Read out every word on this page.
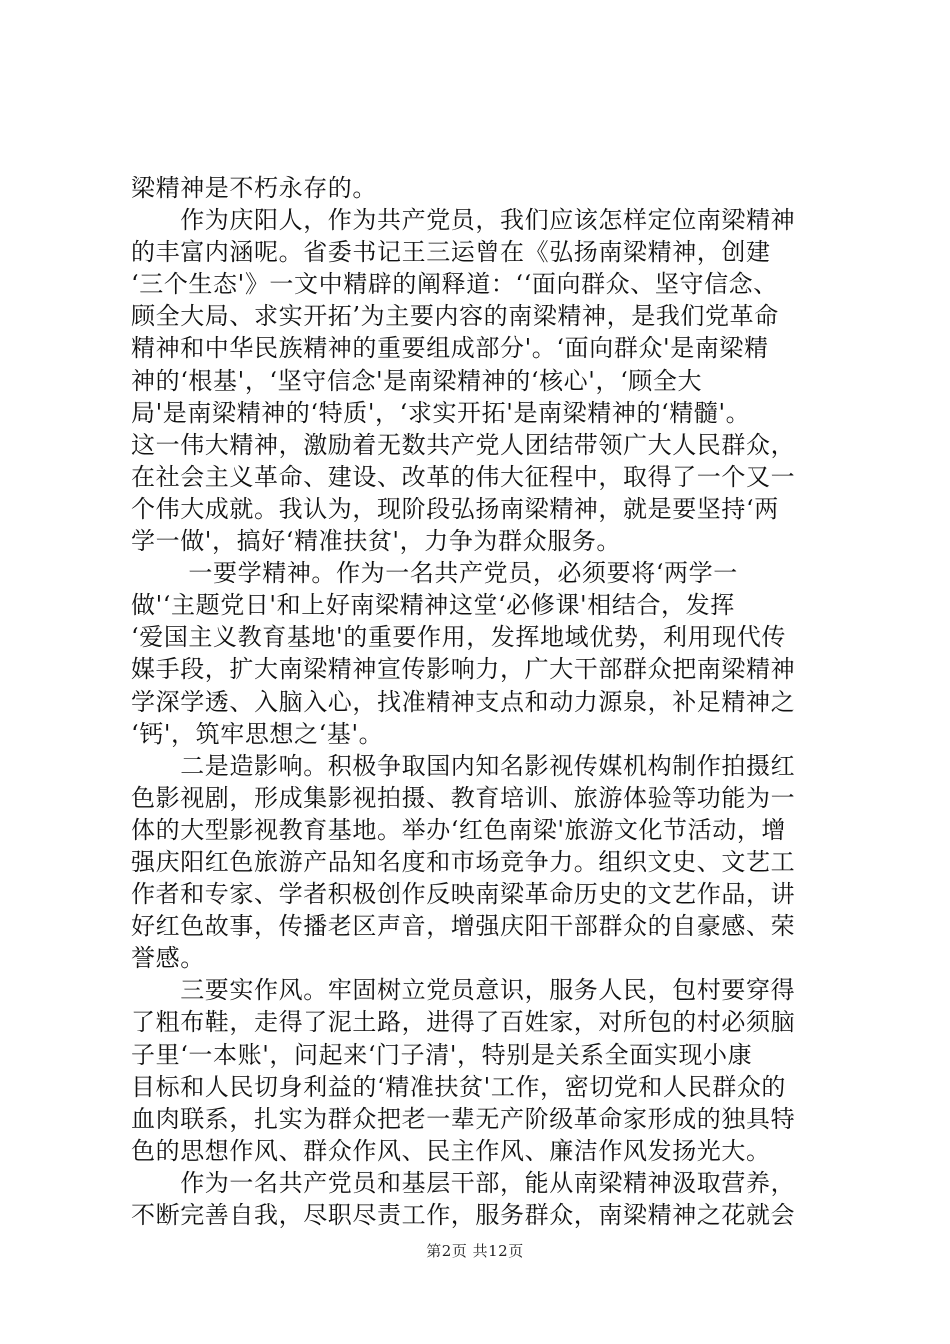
梁精神是不朽永存的。
　　作为庆阳人，作为共产党员，我们应该怎样定位南梁精神
的丰富内涵呢。省委书记王三运曾在《弘扬南梁精神，创建
‘三个生态'》一文中精辟的阐释道：‘‘面向群众、坚守信念、
顾全大局、求实开拓’为主要内容的南梁精神，是我们党革命
精神和中华民族精神的重要组成部分'。‘面向群众'是南梁精
神的‘根基'，‘坚守信念'是南梁精神的‘核心'，‘顾全大
局'是南梁精神的‘特质'，‘求实开拓'是南梁精神的‘精髓'。
这一伟大精神，激励着无数共产党人团结带领广大人民群众，
在社会主义革命、建设、改革的伟大征程中，取得了一个又一
个伟大成就。我认为，现阶段弘扬南梁精神，就是要坚持‘两
学一做'，搞好‘精准扶贫'，力争为群众服务。
　　 一要学精神。作为一名共产党员，必须要将‘两学一
做'‘主题党日'和上好南梁精神这堂‘必修课'相结合，发挥
‘爱国主义教育基地'的重要作用，发挥地域优势，利用现代传
媒手段，扩大南梁精神宣传影响力，广大干部群众把南梁精神
学深学透、入脑入心，找准精神支点和动力源泉，补足精神之
‘钙'，筑牢思想之‘基'。
　　二是造影响。积极争取国内知名影视传媒机构制作拍摄红
色影视剧，形成集影视拍摄、教育培训、旅游体验等功能为一
体的大型影视教育基地。举办‘红色南梁'旅游文化节活动，增
强庆阳红色旅游产品知名度和市场竞争力。组织文史、文艺工
作者和专家、学者积极创作反映南梁革命历史的文艺作品，讲
好红色故事，传播老区声音，增强庆阳干部群众的自豪感、荣
誉感。
　　三要实作风。牢固树立党员意识，服务人民，包村要穿得
了粗布鞋，走得了泥土路，进得了百姓家，对所包的村必须脑
子里‘一本账'，问起来‘门子清'，特别是关系全面实现小康
目标和人民切身利益的‘精准扶贫'工作，密切党和人民群众的
血肉联系，扎实为群众把老一辈无产阶级革命家形成的独具特
色的思想作风、群众作风、民主作风、廉洁作风发扬光大。
　　作为一名共产党员和基层干部，能从南梁精神汲取营养，
不断完善自我，尽职尽责工作，服务群众，南梁精神之花就会
第2页 共12页
